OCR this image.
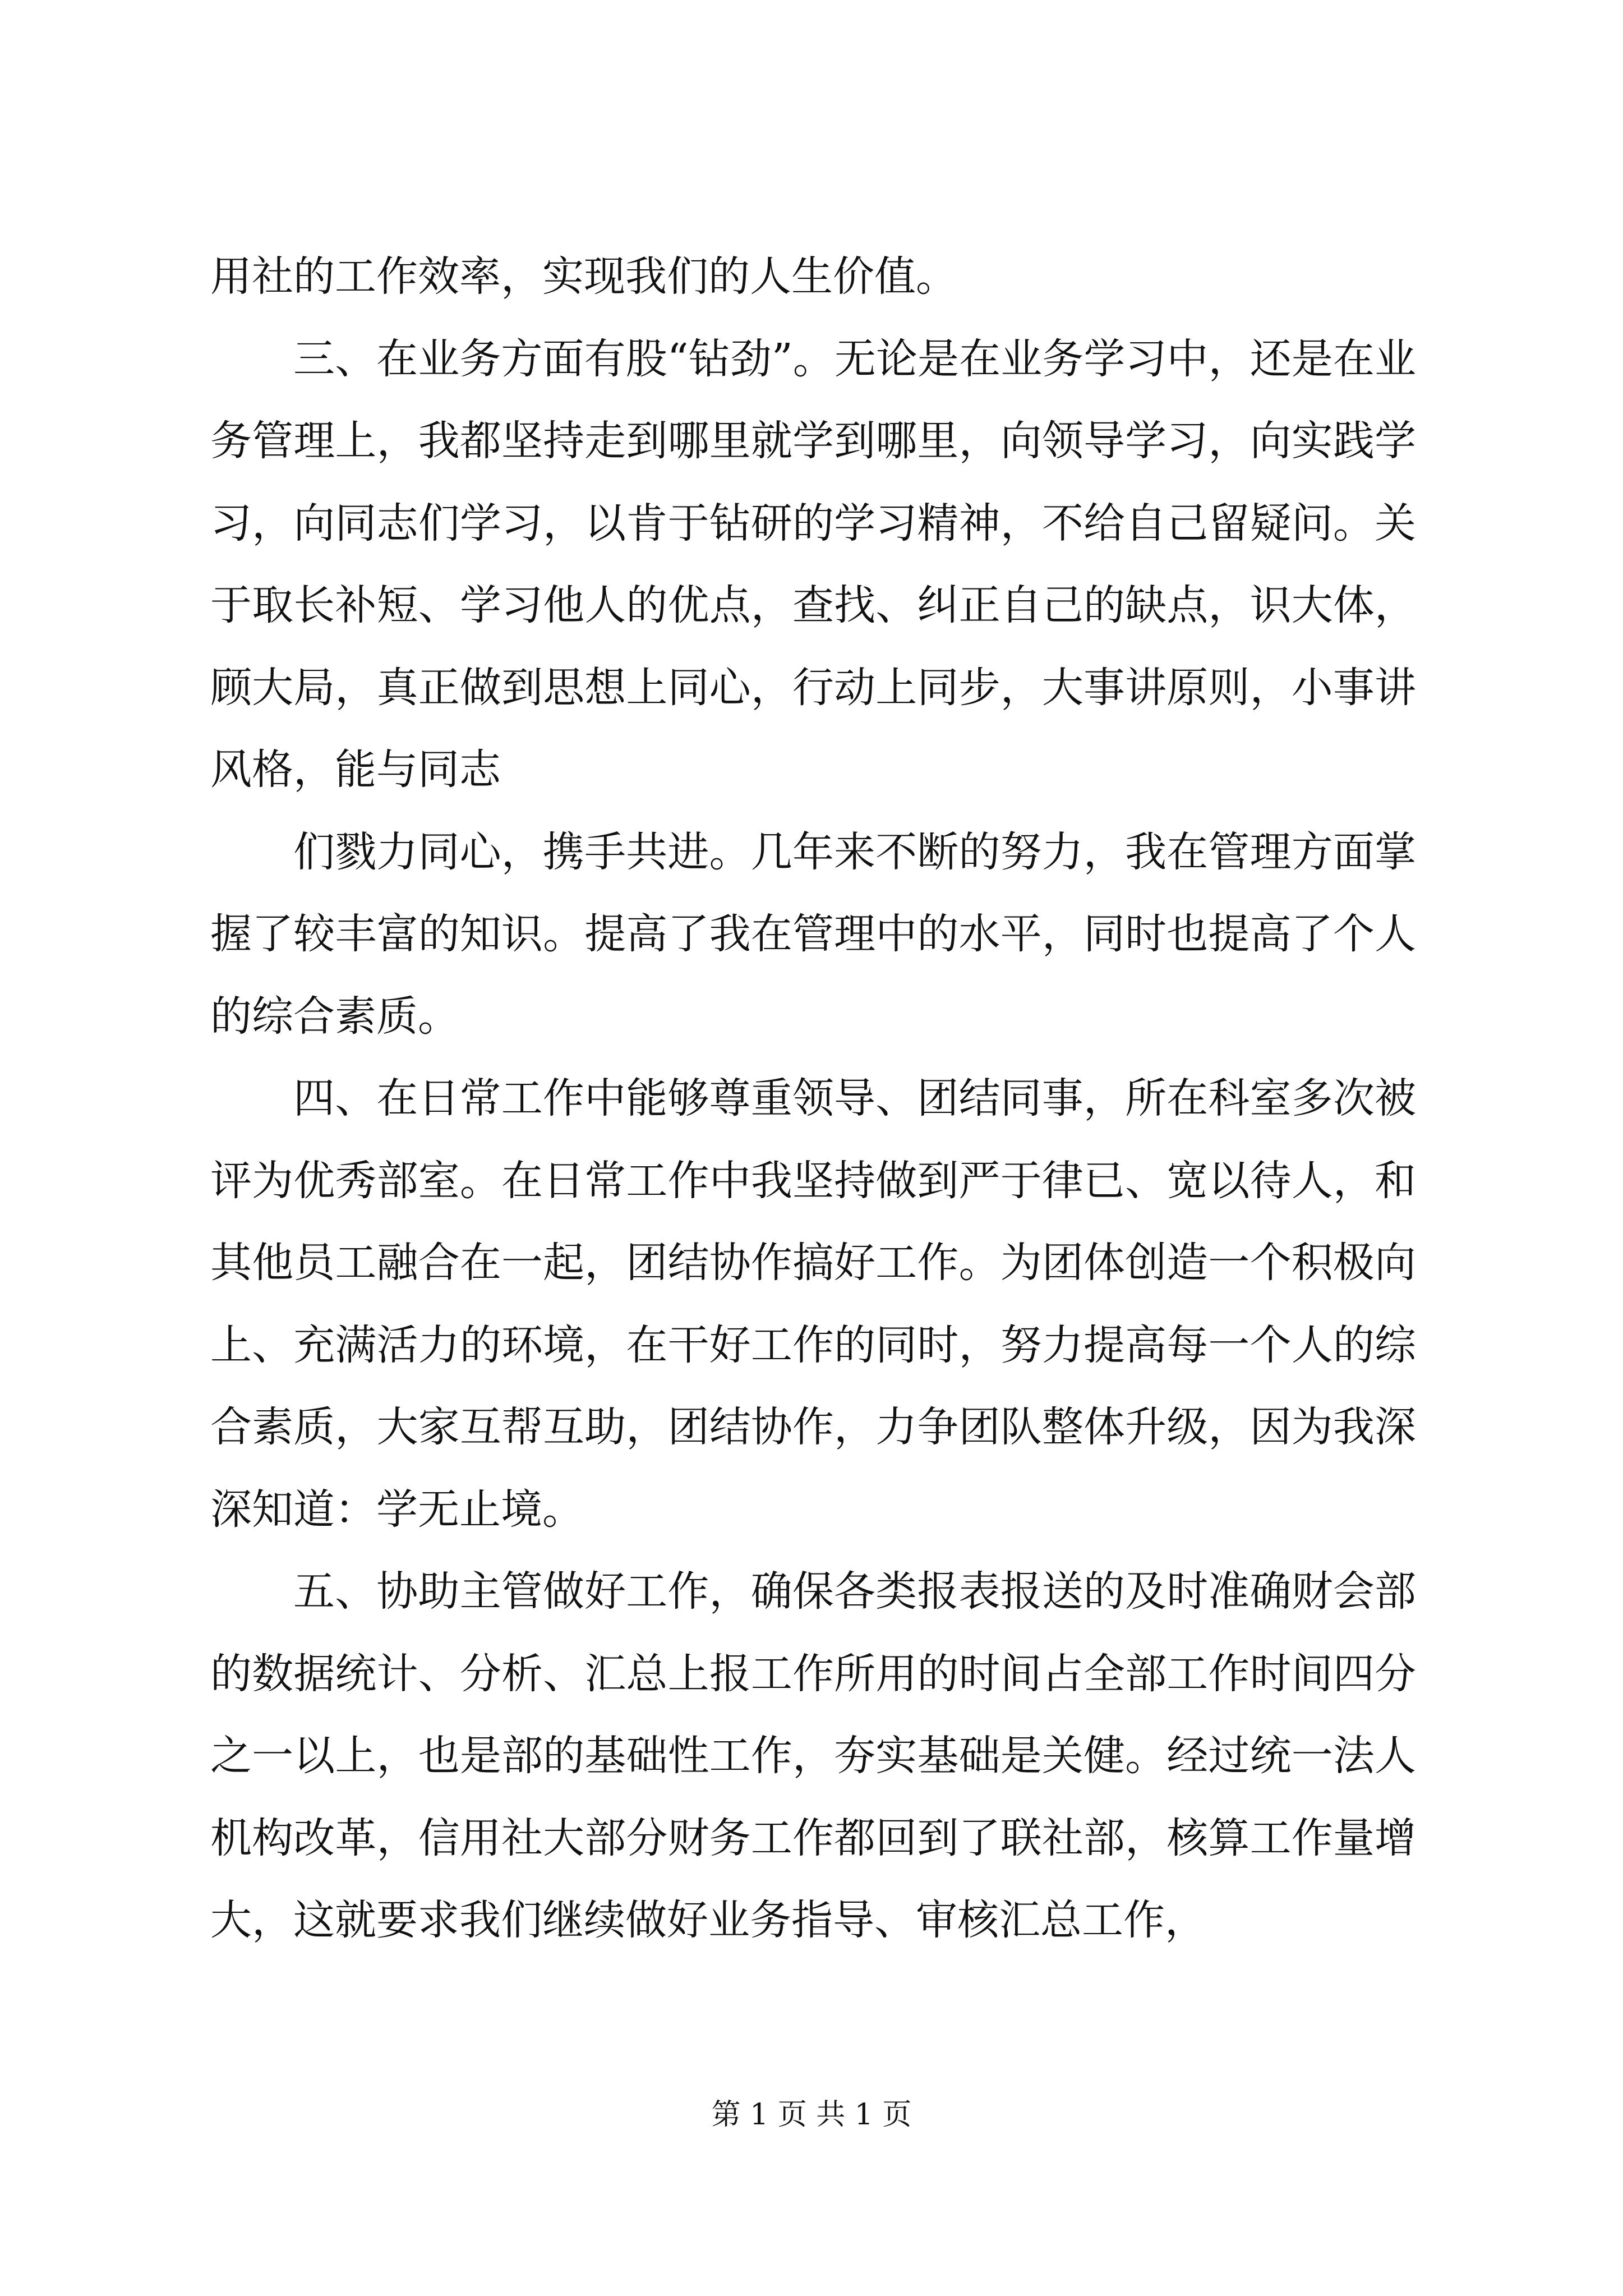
用社的工作效率，实现我们的人生价值。

三、在业务方面有股“钻劲”。无论是在业务学习中，还是在业务管理上，我都坚持走到哪里就学到哪里，向领导学习，向实践学习，向同志们学习，以肯于钻研的学习精神，不给自己留疑问。关于取长补短、学习他人的优点，查找、纠正自己的缺点，识大体，顾大局，真正做到思想上同心，行动上同步，大事讲原则，小事讲风格，能与同志

们戮力同心，携手共进。几年来不断的努力，我在管理方面掌握了较丰富的知识。提高了我在管理中的水平，同时也提高了个人的综合素质。

四、在日常工作中能够尊重领导、团结同事，所在科室多次被评为优秀部室。在日常工作中我坚持做到严于律已、宽以待人，和其他员工融合在一起，团结协作搞好工作。为团体创造一个积极向上、充满活力的环境，在干好工作的同时，努力提高每一个人的综合素质，大家互帮互助，团结协作，力争团队整体升级，因为我深深知道：学无止境。

五、协助主管做好工作，确保各类报表报送的及时准确财会部的数据统计、分析、汇总上报工作所用的时间占全部工作时间四分之一以上，也是部的基础性工作，夯实基础是关健。经过统一法人机构改革，信用社大部分财务工作都回到了联社部，核算工作量增大，这就要求我们继续做好业务指导、审核汇总工作，

第 1 页 共 1 页
